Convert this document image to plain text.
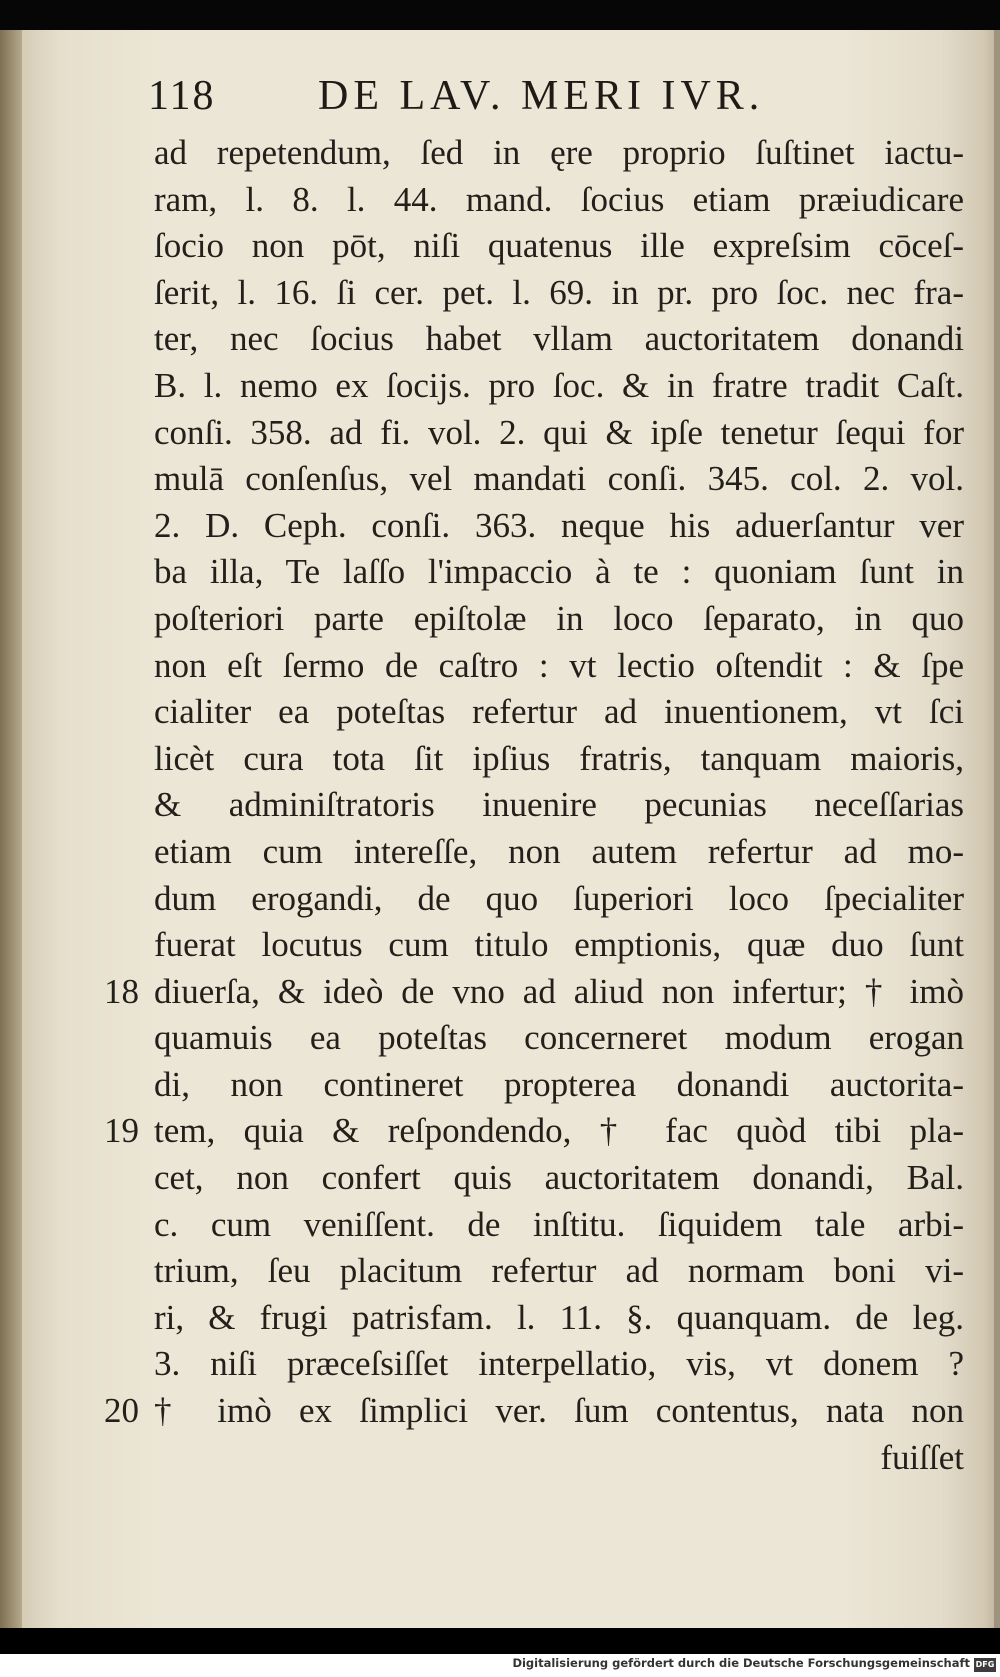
118 DE LAV. MERI IVR.
ad repetendum, ſed in ęre proprio ſuſtinet iactu-
ram, l. 8. l. 44. mand. ſocius etiam præiudicare
ſocio non pōt, niſi quatenus ille expreſsim cōceſ-
ſerit, l. 16. ſi cer. pet. l. 69. in pr. pro ſoc. nec fra-
ter, nec ſocius habet vllam auctoritatem donandi
B. l. nemo ex ſocijs. pro ſoc. & in fratre tradit Caſt.
conſi. 358. ad fi. vol. 2. qui & ipſe tenetur ſequi for
mulā conſenſus, vel mandati conſi. 345. col. 2. vol.
2. D. Ceph. conſi. 363. neque his aduerſantur ver
ba illa, Te laſſo l'impaccio à te : quoniam ſunt in
poſteriori parte epiſtolæ in loco ſeparato, in quo
non eſt ſermo de caſtro : vt lectio oſtendit : & ſpe
cialiter ea poteſtas refertur ad inuentionem, vt ſci
licèt cura tota ſit ipſius fratris, tanquam maioris,
& adminiſtratoris inuenire pecunias neceſſarias
etiam cum intereſſe, non autem refertur ad mo-
dum erogandi, de quo ſuperiori loco ſpecialiter
fuerat locutus cum titulo emptionis, quæ duo ſunt
18 diuerſa, & ideò de vno ad aliud non infertur; † imò
quamuis ea poteſtas concerneret modum erogan
di, non contineret propterea donandi auctorita-
19 tem, quia & reſpondendo, † fac quòd tibi pla-
cet, non confert quis auctoritatem donandi, Bal.
c. cum veniſſent. de inſtitu. ſiquidem tale arbi-
trium, ſeu placitum refertur ad normam boni vi-
ri, & frugi patrisfam. l. 11. §. quanquam. de leg.
3. niſi præceſsiſſet interpellatio, vis, vt donem ?
20 † imò ex ſimplici ver. ſum contentus, nata non
fuiſſet
Digitalisierung gefördert durch die Deutsche Forschungsgemeinschaft DFG
